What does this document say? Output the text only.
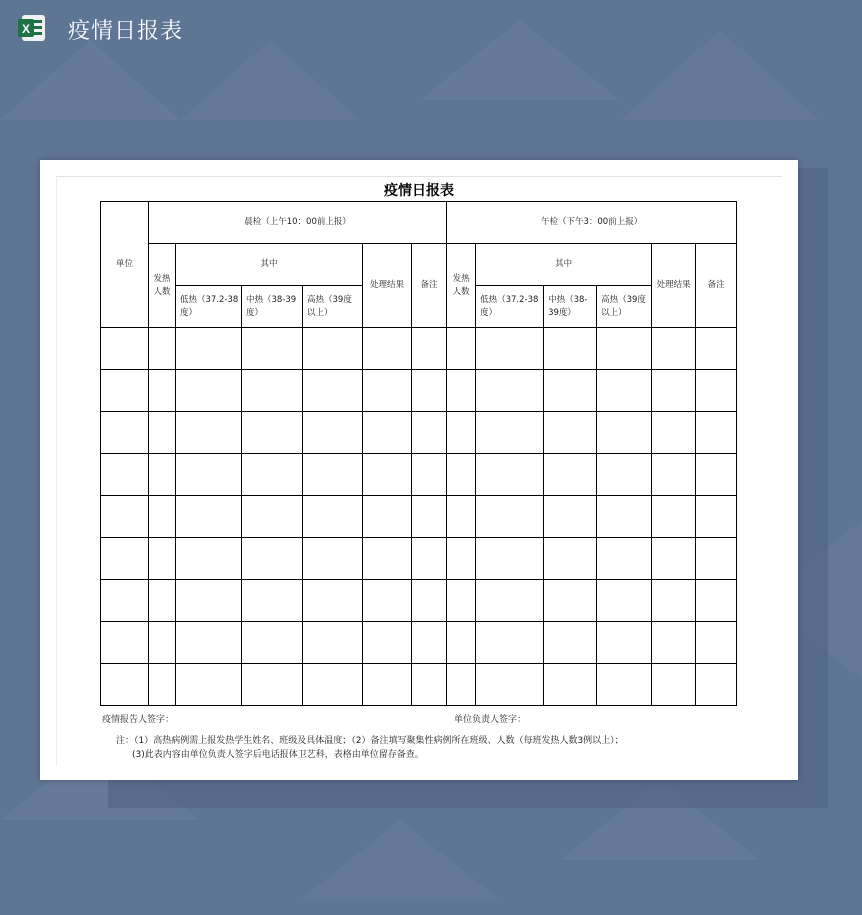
X 疫情日报表
疫情日报表
单位	晨检（上午10：00前上报）						午检（下午3：00前上报）					
	发热人数	其中			处理结果	备注	发热人数	其中			处理结果	备注
		低热（37.2-38度）	中热（38-39度）	高热（39度以上）				低热（37.2-38度）	中热（38-39度）	高热（39度以上）		

疫情报告人签字：	单位负责人签字：
注：（1）高热病例需上报发热学生姓名、班级及具体温度；（2）备注填写聚集性病例所在班级、人数（每班发热人数3例以上）；
(3)此表内容由单位负责人签字后电话报体卫艺科，表格由单位留存备查。
